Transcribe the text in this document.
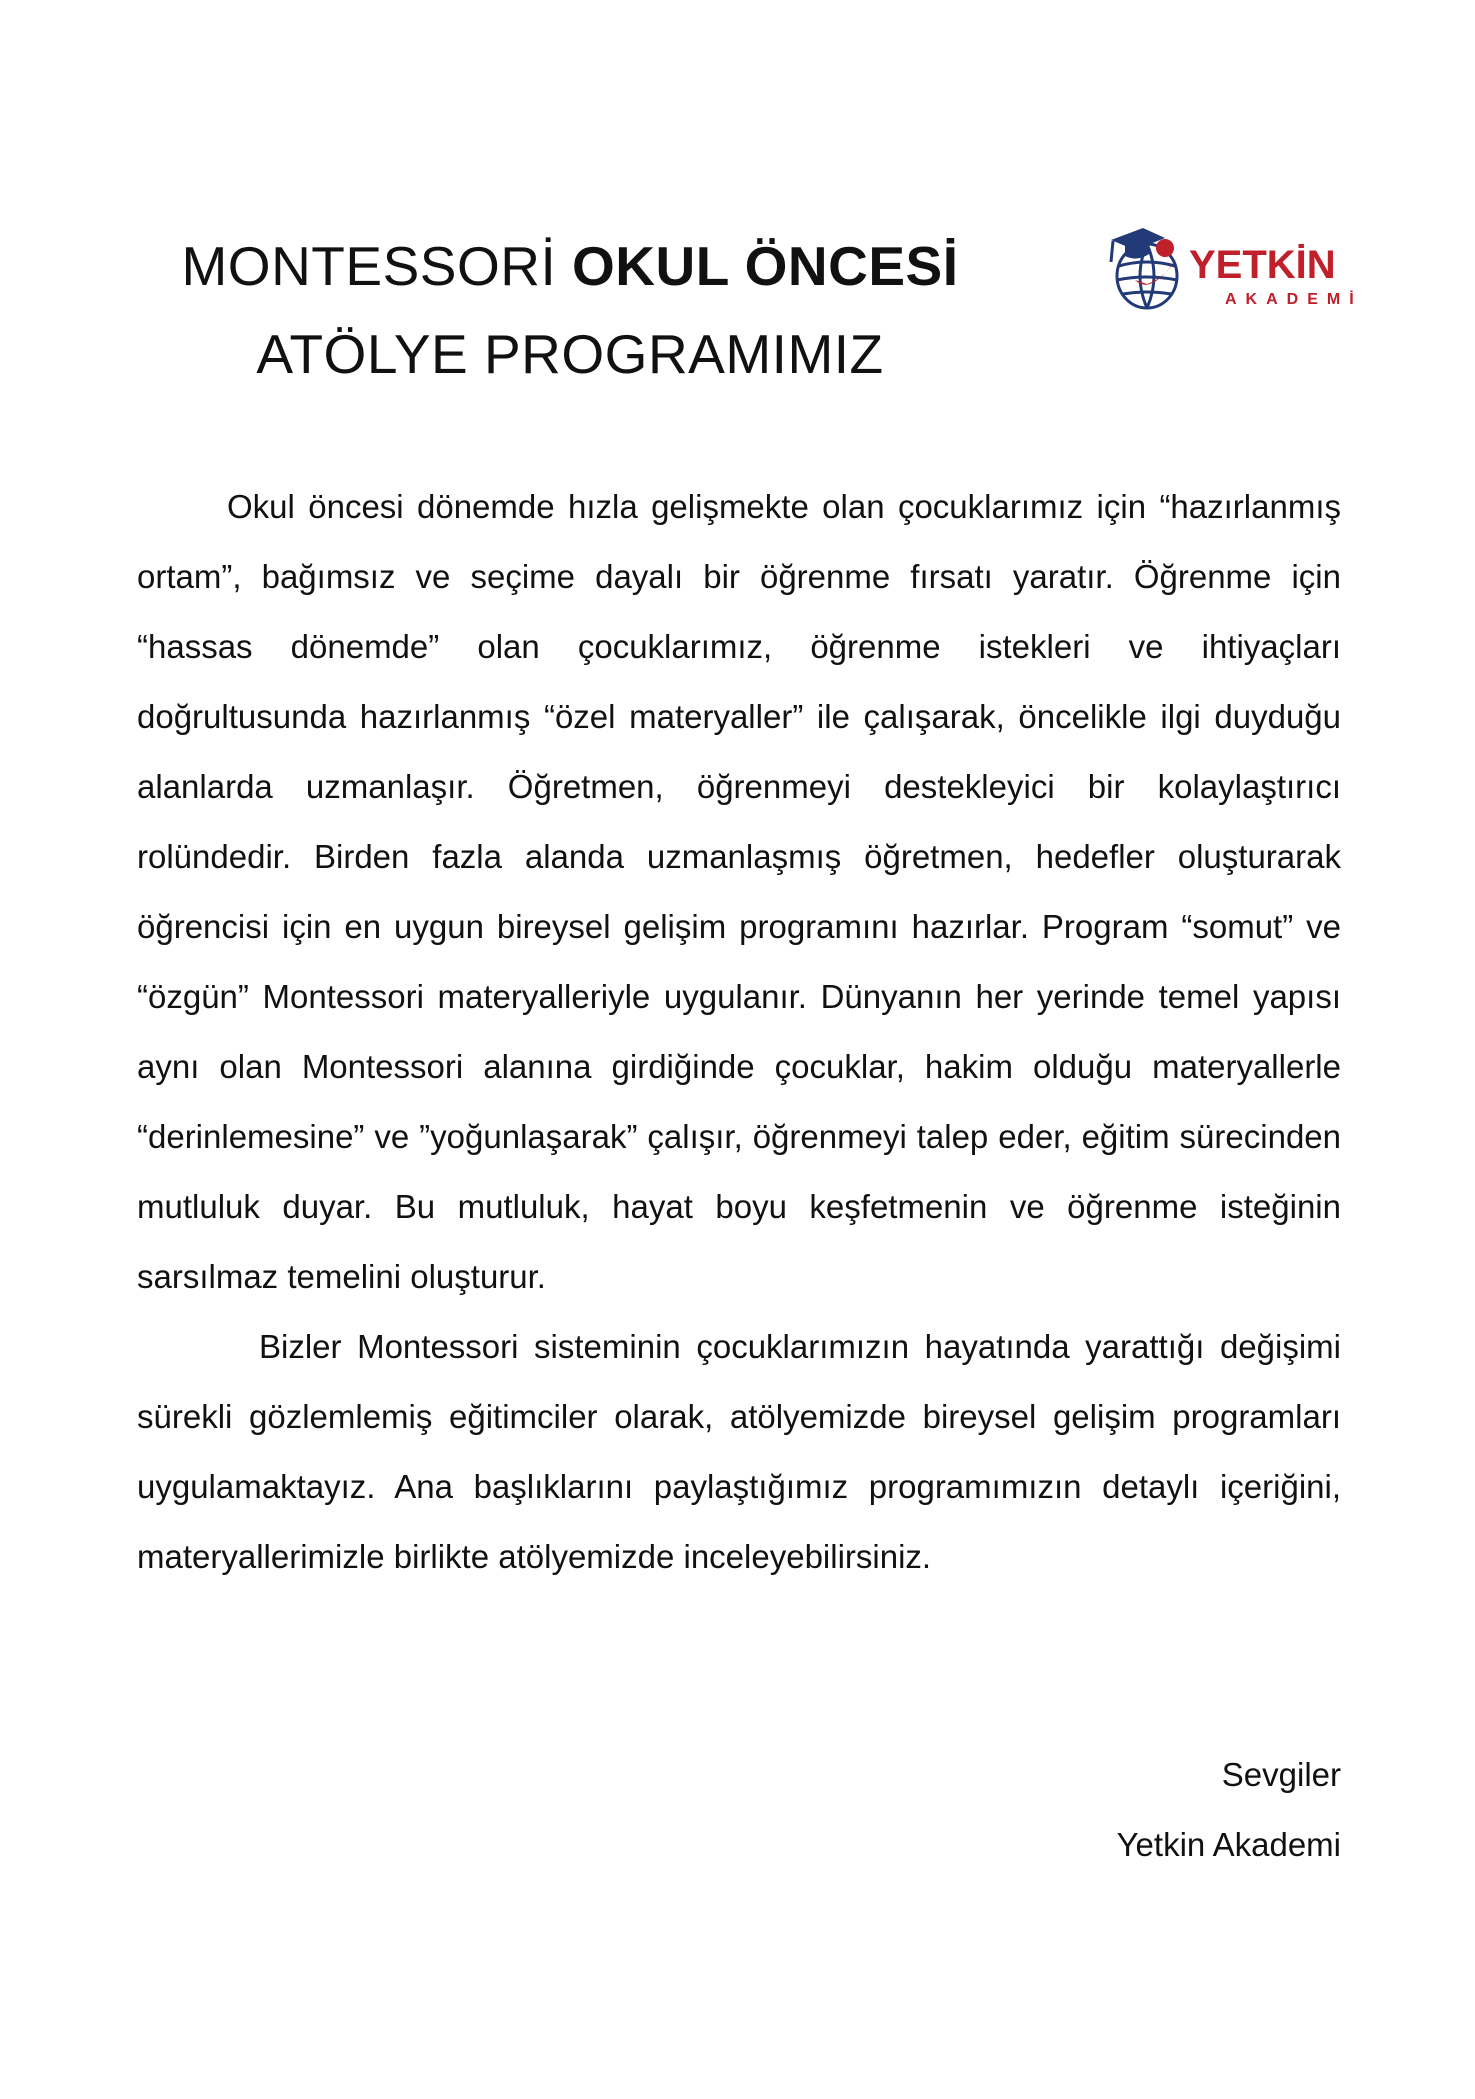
MONTESSORİ OKUL ÖNCESİ
ATÖLYE PROGRAMIMIZ
YETKİN
AKADEMİ

Okul öncesi dönemde hızla gelişmekte olan çocuklarımız için “hazırlanmış ortam”, bağımsız ve seçime dayalı bir öğrenme fırsatı yaratır. Öğrenme için “hassas dönemde” olan çocuklarımız, öğrenme istekleri ve ihtiyaçları doğrultusunda hazırlanmış “özel materyaller” ile çalışarak, öncelikle ilgi duyduğu alanlarda uzmanlaşır. Öğretmen, öğrenmeyi destekleyici bir kolaylaştırıcı rolündedir. Birden fazla alanda uzmanlaşmış öğretmen, hedefler oluşturarak öğrencisi için en uygun bireysel gelişim programını hazırlar. Program “somut” ve “özgün” Montessori materyalleriyle uygulanır. Dünyanın her yerinde temel yapısı aynı olan Montessori alanına girdiğinde çocuklar, hakim olduğu materyallerle “derinlemesine” ve ”yoğunlaşarak” çalışır, öğrenmeyi talep eder, eğitim sürecinden mutluluk duyar. Bu mutluluk, hayat boyu keşfetmenin ve öğrenme isteğinin sarsılmaz temelini oluşturur.

Bizler Montessori sisteminin çocuklarımızın hayatında yarattığı değişimi sürekli gözlemlemiş eğitimciler olarak, atölyemizde bireysel gelişim programları uygulamaktayız. Ana başlıklarını paylaştığımız programımızın detaylı içeriğini, materyallerimizle birlikte atölyemizde inceleyebilirsiniz.

Sevgiler
Yetkin Akademi
